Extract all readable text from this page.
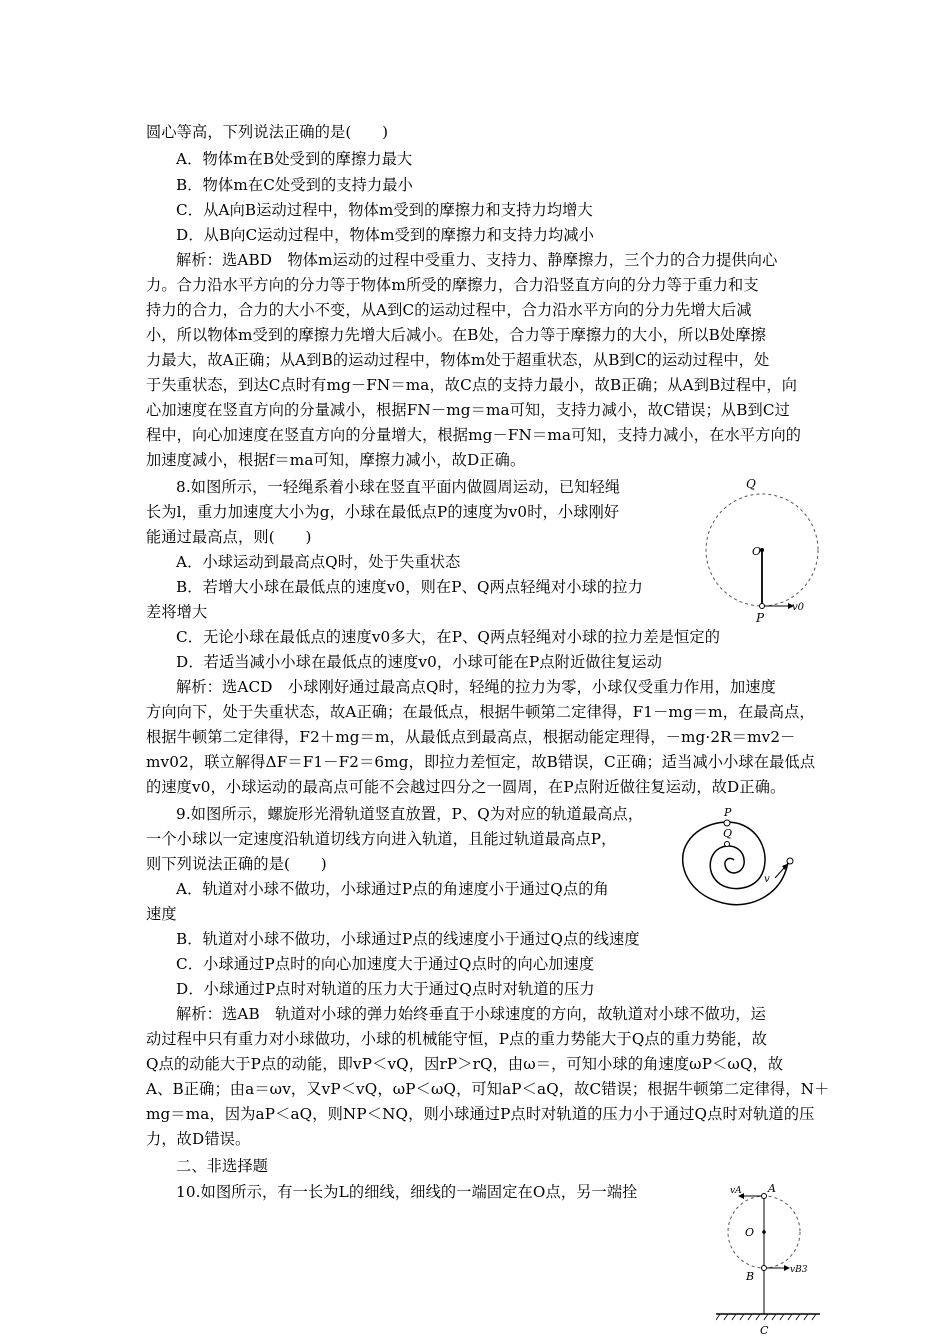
圆心等高，下列说法正确的是(　　)
A．物体m在B处受到的摩擦力最大
B．物体m在C处受到的支持力最小
C．从A向B运动过程中，物体m受到的摩擦力和支持力均增大
D．从B向C运动过程中，物体m受到的摩擦力和支持力均减小
解析：选ABD　物体m运动的过程中受重力、支持力、静摩擦力，三个力的合力提供向心
力。合力沿水平方向的分力等于物体m所受的摩擦力，合力沿竖直方向的分力等于重力和支
持力的合力，合力的大小不变，从A到C的运动过程中，合力沿水平方向的分力先增大后减
小，所以物体m受到的摩擦力先增大后减小。在B处，合力等于摩擦力的大小，所以B处摩擦
力最大，故A正确；从A到B的运动过程中，物体m处于超重状态，从B到C的运动过程中，处
于失重状态，到达C点时有mg－FN＝ma，故C点的支持力最小，故B正确；从A到B过程中，向
心加速度在竖直方向的分量减小，根据FN－mg＝ma可知，支持力减小，故C错误；从B到C过
程中，向心加速度在竖直方向的分量增大，根据mg－FN＝ma可知，支持力减小，在水平方向的
加速度减小，根据f＝ma可知，摩擦力减小，故D正确。
8.如图所示，一轻绳系着小球在竖直平面内做圆周运动，已知轻绳
长为l，重力加速度大小为g，小球在最低点P的速度为v0时，小球刚好
能通过最高点，则(　　)
A．小球运动到最高点Q时，处于失重状态
B．若增大小球在最低点的速度v0，则在P、Q两点轻绳对小球的拉力
差将增大
C．无论小球在最低点的速度v0多大，在P、Q两点轻绳对小球的拉力差是恒定的
D．若适当减小小球在最低点的速度v0，小球可能在P点附近做往复运动
解析：选ACD　小球刚好通过最高点Q时，轻绳的拉力为零，小球仅受重力作用，加速度
方向向下，处于失重状态，故A正确；在最低点，根据牛顿第二定律得，F1－mg＝m，在最高点，
根据牛顿第二定律得，F2＋mg＝m，从最低点到最高点，根据动能定理得，－mg·2R＝mv2－
mv02，联立解得ΔF＝F1－F2＝6mg，即拉力差恒定，故B错误，C正确；适当减小小球在最低点
的速度v0，小球运动的最高点可能不会越过四分之一圆周，在P点附近做往复运动，故D正确。
9.如图所示，螺旋形光滑轨道竖直放置，P、Q为对应的轨道最高点，
一个小球以一定速度沿轨道切线方向进入轨道，且能过轨道最高点P，
则下列说法正确的是(　　)
A．轨道对小球不做功，小球通过P点的角速度小于通过Q点的角
速度
B．轨道对小球不做功，小球通过P点的线速度小于通过Q点的线速度
C．小球通过P点时的向心加速度大于通过Q点时的向心加速度
D．小球通过P点时对轨道的压力大于通过Q点时对轨道的压力
解析：选AB　轨道对小球的弹力始终垂直于小球速度的方向，故轨道对小球不做功，运
动过程中只有重力对小球做功，小球的机械能守恒，P点的重力势能大于Q点的重力势能，故
Q点的动能大于P点的动能，即vP＜vQ，因rP＞rQ，由ω＝，可知小球的角速度ωP＜ωQ，故
A、B正确；由a＝ωv，又vP＜vQ，ωP＜ωQ，可知aP＜aQ，故C错误；根据牛顿第二定律得，N＋
mg＝ma，因为aP＜aQ，则NP＜NQ，则小球通过P点时对轨道的压力小于通过Q点时对轨道的压
力，故D错误。
二、非选择题
10.如图所示，有一长为L的细线，细线的一端固定在O点，另一端拴
Q
O
P
v0
P
Q
v
vA A
O
B	vB3
C
